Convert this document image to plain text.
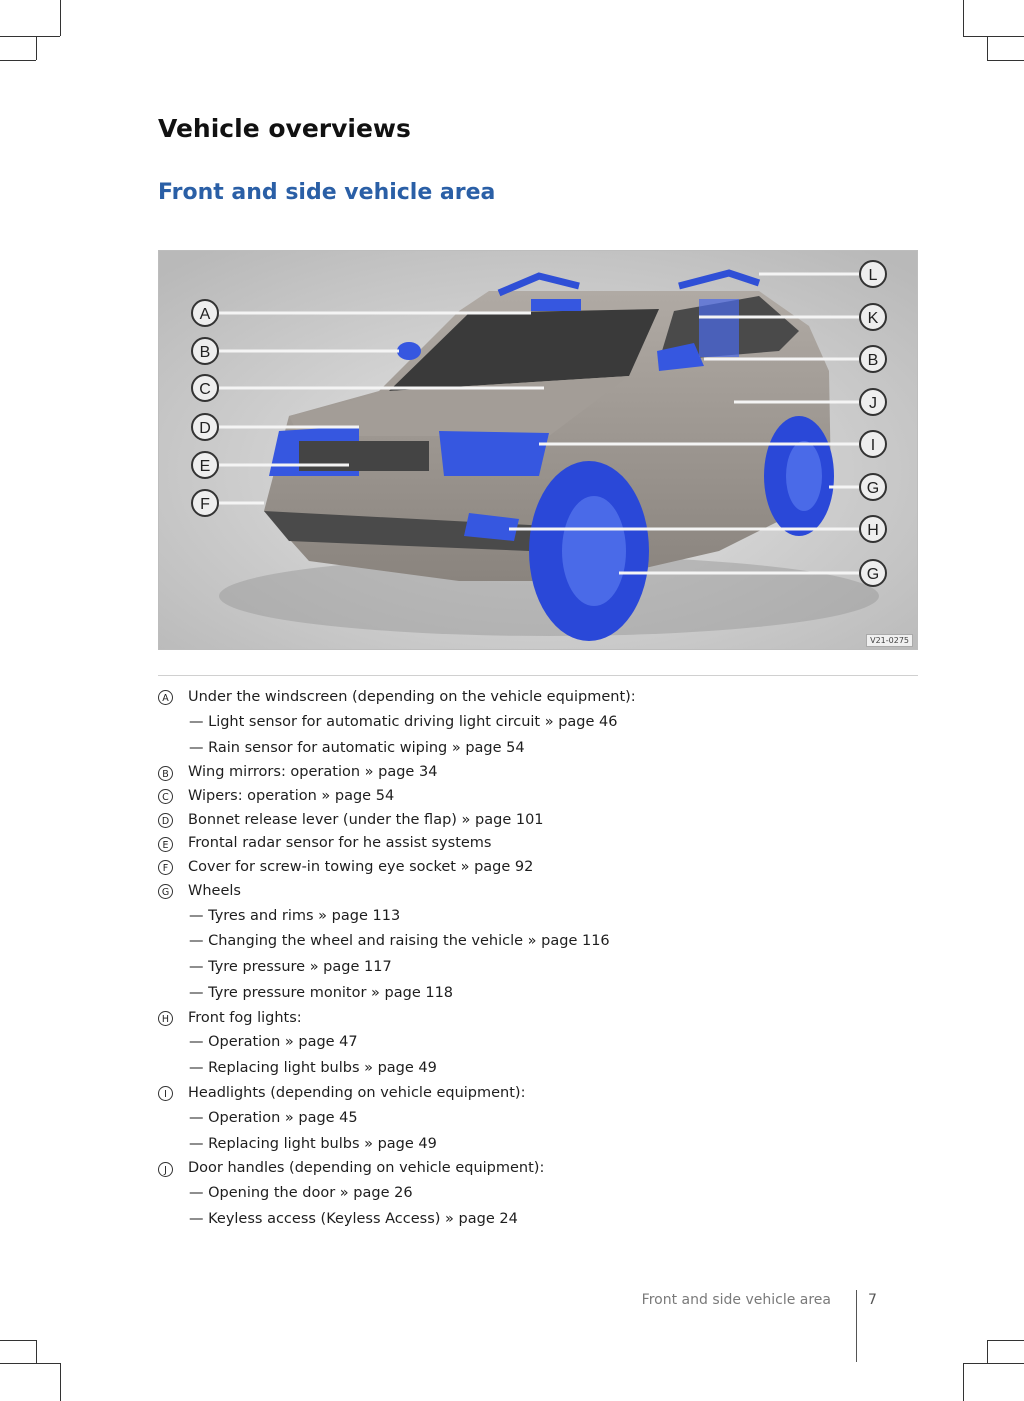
Vehicle overviews
Front and side vehicle area
A
B
C
D
E
F
L
K
B
J
I
G
H
G
V21-0275
A Under the windscreen (depending on the vehicle equipment):
— Light sensor for automatic driving light circuit » page 46
— Rain sensor for automatic wiping » page 54
B Wing mirrors: operation » page 34
C Wipers: operation » page 54
D Bonnet release lever (under the flap) » page 101
E	Frontal radar sensor for he assist systems
F	Cover for screw-in towing eye socket » page 92
G Wheels
— Tyres and rims » page 113
— Changing the wheel and raising the vehicle » page 116
— Tyre pressure » page 117
— Tyre pressure monitor » page 118
H Front fog lights:
— Operation » page 47
— Replacing light bulbs » page 49
I	Headlights (depending on vehicle equipment):
— Operation » page 45
— Replacing light bulbs » page 49
J	Door handles (depending on vehicle equipment):
— Opening the door » page 26
— Keyless access (Keyless Access) » page 24
Front and side vehicle area	7
